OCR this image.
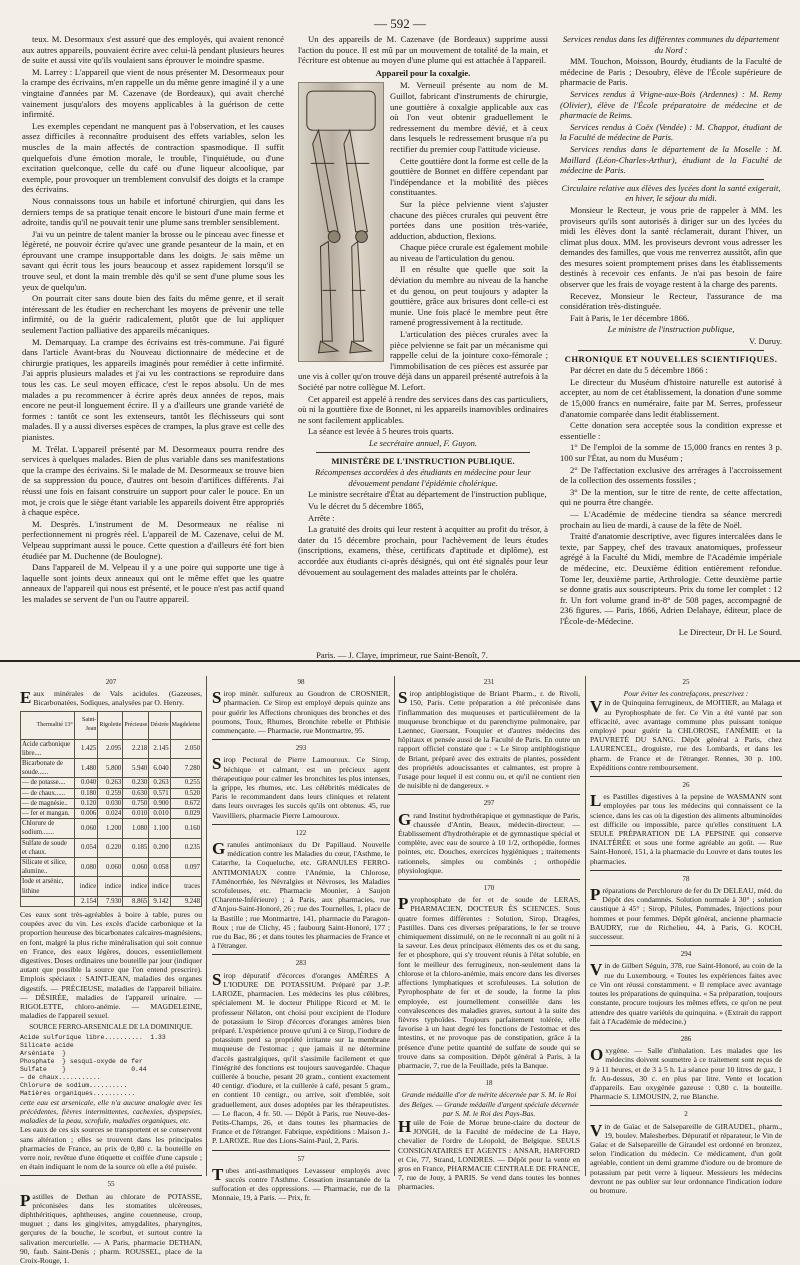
— 592 —

teux. M. Desormaux s'est assuré que des employés, qui avaient renoncé aux autres appareils, pouvaient écrire avec celui-là pendant plusieurs heures de suite et aussi vite qu'ils voulaient sans éprouver le moindre spasme.

M. Larrey : L'appareil que vient de nous présenter M. Desormeaux pour la crampe des écrivains, m'en rappelle un du même genre imaginé il y a une vingtaine d'années par M. Cazenave (de Bordeaux), qui avait cherché vainement jusqu'alors des moyens applicables à la guérison de cette infirmité.

Les exemples cependant ne manquent pas à l'observation, et les causes assez difficiles à reconnaître produisent des effets variables, selon les muscles de la main affectés de contraction spasmodique. Il suffit quelquefois d'une émotion morale, le trouble, l'inquiétude, ou d'une excitation quelconque, celle du café ou d'une liqueur alcoolique, par exemple, pour provoquer un tremblement convulsif des doigts et la crampe des écrivains.

Nous connaissons tous un habile et infortuné chirurgien, qui dans les derniers temps de sa pratique tenait encore le bistouri d'une main ferme et adroite, tandis qu'il ne pouvait tenir une plume sans trembler sensiblement.

J'ai vu un peintre de talent manier la brosse ou le pinceau avec finesse et légèreté, ne pouvoir écrire qu'avec une grande pesanteur de la main, et en éprouvant une crampe insupportable dans les doigts. Je sais même un savant qui écrit tous les jours beaucoup et assez rapidement lorsqu'il se trouve seul, et dont la main tremble dès qu'il se sent d'une plume sous les yeux de quelqu'un.

On pourrait citer sans doute bien des faits du même genre, et il serait intéressant de les étudier en recherchant les moyens de prévenir une telle infirmité, ou de la guérir radicalement, plutôt que de lui appliquer seulement l'action palliative des appareils mécaniques.

M. Demarquay. La crampe des écrivains est très-commune. J'ai figuré dans l'article Avant-bras du Nouveau dictionnaire de médecine et de chirurgie pratiques, les appareils imaginés pour remédier à cette infirmité. J'ai appris plusieurs malades et j'ai vu les contractions se reproduire dans tous les cas. Le seul moyen efficace, c'est le repos absolu. Un de mes malades a pu recommencer à écrire après deux années de repos, mais encore ne peut-il longuement écrire. Il y a d'ailleurs une grande variété de formes : tantôt ce sont les extenseurs, tantôt les fléchisseurs qui sont malades. Il y a aussi diverses espèces de crampes, la plus grave est celle des pianistes.

M. Trélat. L'appareil présenté par M. Desormeaux pourra rendre des services à quelques malades. Bien de plus variable dans ses manifestations que la crampe des écrivains. Si le malade de M. Desormeaux se trouve bien de sa suppression du pouce, d'autres ont besoin d'artifices différents. J'ai réussi une fois en faisant construire un support pour caler le pouce. En un mot, je crois que le siège étant variable les appareils doivent être appropriés à chaque espèce.

M. Desprès. L'instrument de M. Desormeaux ne réalise ni perfectionnement ni progrès réel. L'appareil de M. Cazenave, celui de M. Velpeau supprimant aussi le pouce. Cette question a d'ailleurs été fort bien étudiée par M. Duchenne (de Boulogne).

Dans l'appareil de M. Velpeau il y a une poire qui supporte une tige à laquelle sont joints deux anneaux qui ont le même effet que les quatre anneaux de l'appareil qui nous est présenté, et le pouce n'est pas actif quand les malades se servent de l'un ou l'autre appareil.

Un des appareils de M. Cazenave (de Bordeaux) supprime aussi l'action du pouce. Il est mû par un mouvement de totalité de la main, et l'écriture est obtenue au moyen d'une plume qui est attachée à l'appareil.

Appareil pour la coxalgie.

M. Verneuil présente au nom de M. Guillot, fabricant d'instruments de chirurgie, une gouttière à coxalgie applicable aux cas où l'on veut obtenir graduellement le redressement du membre dévié, et à ceux dans lesquels le redressement brusque n'a pu rectifier du premier coup l'attitude vicieuse.

Cette gouttière dont la forme est celle de la gouttière de Bonnet en diffère cependant par l'indépendance et la mobilité des pièces constituantes.

Sur la pièce pelvienne vient s'ajuster chacune des pièces crurales qui peuvent être portées dans une position très-variée, adduction, abduction, flexions.

Chaque pièce crurale est également mobile au niveau de l'articulation du genou.

Il en résulte que quelle que soit la déviation du membre au niveau de la hanche et du genou, on peut toujours y adapter la gouttière, grâce aux brisures dont celle-ci est munie. Une fois placé le membre peut être ramené progressivement à la rectitude.

L'articulation des pièces crurales avec la pièce pelvienne se fait par un mécanisme qui rappelle celui de la jointure coxo-fémorale ; l'immobilisation de ces pièces est assurée par une vis à coller qu'on trouve déjà dans un appareil présenté autrefois à la Société par notre collègue M. Lefort.

Cet appareil est appelé à rendre des services dans des cas particuliers, où ni la gouttière fixe de Bonnet, ni les appareils inamovibles ordinaires ne sont facilement applicables.

La séance est levée à 5 heures trois quarts.

Le secrétaire annuel, F. Guyon.

MINISTÈRE DE L'INSTRUCTION PUBLIQUE.

Récompenses accordées à des étudiants en médecine pour leur dévouement pendant l'épidémie cholérique.

Le ministre secrétaire d'État au département de l'instruction publique,

Vu le décret du 5 décembre 1865,

Arrête :

La gratuité des droits qui leur restent à acquitter au profit du trésor, à dater du 15 décembre prochain, pour l'achèvement de leurs études (inscriptions, examens, thèse, certificats d'aptitude et diplôme), est accordée aux étudiants ci-après désignés, qui ont été signalés pour leur dévouement au soulagement des malades atteints par le choléra.

Services rendus dans les différentes communes du département du Nord :

MM. Touchon, Moisson, Bourdy, étudiants de la Faculté de médecine de Paris ; Desoubry, élève de l'École supérieure de pharmacie de Paris.

Services rendus à Vrigne-aux-Bois (Ardennes) : M. Remy (Olivier), élève de l'École préparatoire de médecine et de pharmacie de Reims.

Services rendus à Coëx (Vendée) : M. Chappot, étudiant de la Faculté de médecine de Paris.

Services rendus dans le département de la Moselle : M. Maillard (Léon-Charles-Arthur), étudiant de la Faculté de médecine de Paris.

Circulaire relative aux élèves des lycées dont la santé exigerait, en hiver, le séjour du midi.

Monsieur le Recteur, je vous prie de rappeler à MM. les proviseurs qu'ils sont autorisés à diriger sur un des lycées du midi les élèves dont la santé réclamerait, durant l'hiver, un climat plus doux. MM. les proviseurs devront vous adresser les demandes des familles, que vous me renverrez aussitôt, afin que des mesures soient promptement prises dans les établissements destinés à recevoir ces enfants. Je n'ai pas besoin de faire observer que les frais de voyage restent à la charge des parents.

Recevez, Monsieur le Recteur, l'assurance de ma considération très-distinguée.

Fait à Paris, le 1er décembre 1866.

Le ministre de l'instruction publique,

V. Duruy.

CHRONIQUE ET NOUVELLES SCIENTIFIQUES.

Par décret en date du 5 décembre 1866 :

Le directeur du Muséum d'histoire naturelle est autorisé à accepter, au nom de cet établissement, la donation d'une somme de 15,000 francs en numéraire, faite par M. Serres, professeur d'anatomie comparée dans ledit établissement.

Cette donation sera acceptée sous la condition expresse et essentielle :

1° De l'emploi de la somme de 15,000 francs en rentes 3 p. 100 sur l'État, au nom du Muséum ;

2° De l'affectation exclusive des arrérages à l'accroissement de la collection des ossements fossiles ;

3° De la mention, sur le titre de rente, de cette affectation, qui ne pourra être changée.

— L'Académie de médecine tiendra sa séance mercredi prochain au lieu de mardi, à cause de la fête de Noël.

Traité d'anatomie descriptive, avec figures intercalées dans le texte, par Sappey, chef des travaux anatomiques, professeur agrégé à la Faculté du Midi, membre de l'Académie impériale de médecine, etc. Deuxième édition entièrement refondue. Tome Ier, deuxième partie, Arthrologie. Cette deuxième partie se donne gratis aux souscripteurs. Prix du tome Ier complet : 12 fr. Un fort volume grand in-8° de 508 pages, accompagné de 236 figures. — Paris, 1866, Adrien Delahaye, éditeur, place de l'École-de-Médecine.

Le Directeur, Dr H. Le Sourd.

Paris. — J. Claye, imprimeur, rue Saint-Benoît, 7.
207
Eaux minérales de Vals acidules. (Gazeuses, Bicarbonatées, Sodiques, analysées par O. Henry.
Thermalité 13°	Saint-Jean	Rigolette	Précieuse	Désirée	Magdeleine
Acide carbonique libre....	1.425	2.095	2.218	2.145	2.050
Bicarbonate de soude......	1.480	5.800	5.940	6.040	7.280
— de potasse....	0.040	0.263	0.230	0.263	0.255
— de chaux......	0.180	0.259	0.630	0.571	0.520
— de magnésie..	0.120	0.030	0.750	0.900	0.672
— fer et mangan.	0.006	0.024	0.010	0.010	0.029
Chlorure de sodium.......	0.060	1.200	1.080	1.100	0.160
Sulfate de soude et chaux.	0.054	0.220	0.185	0.200	0.235
Silicate et silice, alumine..	0.080	0.060	0.060	0.058	0.097
Iode et arsénic, lithine	indice	indice	indice	indice	traces
	2.154	7.930	8.865	9.142	9.248

Ces eaux sont très-agréables à boire à table, pures ou coupées avec du vin. Les excès d'acide carbonique et la proportion heureuse des bicarbonates calcaires-magnésiens, en font, malgré la plus riche minéralisation qui soit connue en France, des eaux légères, douces, essentiellement digestives. Doses ordinaires une bouteille par jour (indiquer autant que possible la source que l'on entend prescrire). Emplois spéciaux : SAINT-JEAN, maladies des organes digestifs. — PRÉCIEUSE, maladies de l'appareil biliaire. — DÉSIRÉE, maladies de l'appareil urinaire. — RIGOLETTE, chloro-anémie. — MAGDELEINE, maladies de l'appareil sexuel.

SOURCE FERRO-ARSENICALE DE LA DOMINIQUE.

Acide sulfurique libre..........  1.33
Silicate acide
Arséniate  }
Phosphate  } sesqui-oxyde de fer
Sulfate    }                 0.44
— de chaux...........
Chlorure de sodium..........
Matières organiques...........

cette eau est arsenicale, elle n'a aucune analogie avec les précédentes, fièvres intermittentes, cachexies, dyspepsies, maladies de la peau, scrofule, maladies organiques, etc.

Les eaux de ces six sources se transportent et se conservent sans altération ; elles se trouvent dans les principales pharmacies de France, au prix de 0,80 c. la bouteille en verre noir, revêtue d'une étiquette et coiffée d'une capsule ; en étain indiquant le nom de la source où elle a été puisée.

55
Pastilles de Dethan au chlorate de POTASSE, préconisées dans les stomatites ulcéreuses, diphthéritiques, aphtheuses, angine couenneuse, croup, muguet ; dans les gingivites, amygdalites, pharyngites, gerçures de la bouche, le scorbut, et surtout contre la salivation mercurielle. — A Paris, pharmacie DETHAN, 90, faub. Saint-Denis ; pharm. ROUSSEL, place de la Croix-Rouge, 1.
98
Sirop minér. sulfureux au Goudron de CROSNIER, pharmacien. Ce Sirop est employé depuis quinze ans pour guérir les Affections chroniques des bronches et des poumons, Toux, Rhumes, Bronchite rebelle et Phthisie commençante. — Pharmacie, rue Montmartre, 95.
293
Sirop Pectoral de Pierre Lamouroux. Ce Sirop, béchique et calmant, est un précieux agent thérapeutique pour calmer les bronchites les plus intenses, la grippe, les rhumes, etc. Les célébrités médicales de Paris le recommandent dans leurs cliniques et relatent dans leurs ouvrages les succès qu'ils ont obtenus. 45, rue Vauvilliers, pharmacie Pierre Lamouroux.
122
Granules antimoniaux du Dr Papillaud. Nouvelle médication contre les Maladies du cœur, l'Asthme, le Catarrhe, la Coqueluche, etc. GRANULES FERRO-ANTIMONIAUX contre l'Anémie, la Chlorose, l'Aménorrhée, les Névralgies et Névroses, les Maladies scrofuleuses, etc. Pharmacie Mounier, à Saujon (Charente-Inférieure) ; à Paris, aux pharmacies, rue d'Anjou-Saint-Honoré, 26 ; rue des Tournelles, 1, place de la Bastille ; rue Montmartre, 141, pharmacie du Paragon-Roux ; rue de Clichy, 45 ; faubourg Saint-Honoré, 177 ; rue du Bac, 86 ; et dans toutes les pharmacies de France et à l'étranger.
283
Sirop dépuratif d'écorces d'oranges AMÈRES A L'IODURE DE POTASSIUM. Préparé par J.-P. LAROZE, pharmacien. Les médecins les plus célèbres, spécialement M. le docteur Philippe Ricord et M. le professeur Nélaton, ont choisi pour excipient de l'Iodure de potassium le Sirop d'écorces d'oranges amères bien préparé. L'expérience prouve qu'uni à ce Sirop, l'iodure de potassium perd sa propriété irritante sur la membrane muqueuse de l'estomac ; que jamais il ne détermine d'accès gastralgiques, qu'il s'assimile facilement et que l'intégrité des fonctions est toujours sauvegardée. Chaque cuillerée à bouche, pesant 20 gram., contient exactement 40 centigr. d'iodure, et la cuillerée à café, pesant 5 gram., en contient 10 centigr., ou arrive, soit d'emblée, soit graduellement, aux doses adoptées par les thérapeutistes. — Le flacon, 4 fr. 50. — Dépôt à Paris, rue Neuve-des-Petits-Champs, 26, et dans toutes les pharmacies de France et de l'étranger. Fabrique, expéditions : Maison J.-P. LAROZE. Rue des Lions-Saint-Paul, 2, Paris.
57
Tubes anti-asthmatiques Levasseur employés avec succès contre l'Asthme. Cessation instantanée de la suffocation et des oppressions. — Pharmacie, rue de la Monnaie, 19, à Paris. — Prix, fr.
231
Sirop antiphlogistique de Briant Pharm., r. de Rivoli, 150, Paris. Cette préparation a été préconisée dans l'inflammation des muqueuses et particulièrement de la muqueuse bronchique et du parenchyme pulmonaire, par Laennec, Guersant, Fouquier et d'autres médecins des hôpitaux et pensée aussi de la Faculté de Paris. En outre un rapport officiel constate que : « Le Sirop antiphlogistique de Briant, préparé avec des extraits de plantes, possèdent des propriétés adoucissantes et calmantes, est propre à l'usage pour lequel il est connu ou, et qu'il ne contient rien de nuisible ni de dangereux. »
297
Grand Institut hydrothérapique et gymnastique de Paris, chaussée d'Antin, Beaux, médecin-directeur. — Établissement d'hydrothérapie et de gymnastique spécial et complète, avec eau de source à 10 1/2, orthopédie, formes pointes, etc. Douches, exercices hygiéniques ; traitements rationnels, simples ou combinés ; orthopédie physiologique.
170
Pyrophosphate de fer et de soude de LERAS, PHARMACIEN, DOCTEUR ÈS SCIENCES. Sous quatre formes différentes : Solution, Sirop, Dragées, Pastilles. Dans ces diverses préparations, le fer se trouve chimiquement dissimulé, on ne le reconnaît ni au goût ni à la saveur. Les deux principaux éléments des os et du sang, fer et phosphore, qui s'y trouvent réunis à l'état soluble, en font le meilleur des ferrugineux, non-seulement dans la chlorose et la chloro-anémie, mais encore dans les diverses affections lymphatiques et scrofuleuses. La solution de Pyrophosphate de fer et de soude, la forme la plus employée, est journellement conseillée dans les convalescences des maladies graves, surtout à la suite des fièvres typhoïdes. Toujours parfaitement tolérée, elle favorise à un haut degré les fonctions de l'estomac et des intestins, et ne provoque pas de constipation, grâce à la présence d'une petite quantité de sulfate de soude qui se trouve dans sa composition. Dépôt général à Paris, à la pharmacie, 7, rue de la Feuillade, près la Banque.
18

Grande médaille d'or de mérite décernée par S. M. le Roi des Belges. — Grande médaille d'argent spéciale décernée par S. M. le Roi des Pays-Bas.

Huile de Foie de Morue brune-claire du docteur de JONGH, de la Faculté de médecine de La Haye, chevalier de l'ordre de Léopold, de Belgique. SEULS CONSIGNATAIRES ET AGENTS : ANSAR, HARFORD et Cie, 77, Strand, LONDRES. — Dépôt pour la vente en gros en France, PHARMACIE CENTRALE DE FRANCE, 7, rue de Jouy, à PARIS. Se vend dans toutes les bonnes pharmacies.
25

Pour éviter les contrefaçons, prescrivez :

Vin de Quinquina ferrugineux, de MOITIER, au Malaga et au Pyrophosphate de fer. Ce Vin a été vanté par son efficacité, avec avantage commune plus puissant tonique employé pour guérir la CHLOROSE, l'ANÉMIE et la PAUVRETÉ DU SANG. Dépôt général à Paris, chez LAURENCEL, droguiste, rue des Lombards, et dans les pharm. de France et de l'étranger. Rennes, 30 p. 100. Expéditions contre remboursement.
26
Les Pastilles digestives à la pepsine de WASMANN sont employées par tous les médecins qui connaissent ce la science, dans les cas où la digestion des aliments albuminoïdes est difficile ou impossible, parce qu'elles constituent LA SEULE PRÉPARATION DE LA PEPSINE qui conserve INALTÉRÉE et sous une forme agréable au goût. — Rue Saint-Honoré, 151, à la pharmacie du Louvre et dans toutes les pharmacies.
78
Préparations de Perchlorure de fer du Dr DELEAU, méd. du Dépôt des condamnés. Solution normale à 30° ; solution caustique à 45° ; Sirop, Pilules, Pommades, Injections pour hommes et pour femmes. Dépôt général, ancienne pharmacie BAUDRY, rue de Richelieu, 44, à Paris, G. KOCH, successeur.
294
Vin de Gilbert Séguin, 378, rue Saint-Honoré, au coin de la rue du Luxembourg. « Toutes les expériences faites avec ce Vin ont réussi constamment. « Il remplace avec avantage toutes les préparations de quinquina. « Sa préparation, toujours constante, procure toujours les mêmes effets, ce qu'on ne peut attendre des quatre variétés du quinquina. » (Extrait du rapport fait à l'Académie de médecine.)
286
Oxygène. — Salle d'inhalation. Les malades que les médecins doivent soumettre à ce traitement sont reçus de 9 à 11 heures, et de 3 à 5 h. La séance pour 10 litres de gaz, 1 fr. Au-dessus, 30 c. en plus par litre. Vente et location d'appareils. Eau oxygénée gazeuse : 0,80 c. la bouteille. Pharmacie S. LIMOUSIN, 2, rue Blanche.
2
Vin de Gaïac et de Salsepareille de GIRAUDEL, pharm., 19, boulev. Malesherbes. Dépuratif et réparateur, le Vin de Gaïac et de Salsepareille de Giraudel est ordonné en bronzez, selon l'indication du médecin. Ce médicament, d'un goût agréable, contient un demi gramme d'iodure ou de bromure de potassium par petit verre à liqueur. Messieurs les médecins devront ne pas oublier sur leur ordonnance l'indication iodure ou bromure.
